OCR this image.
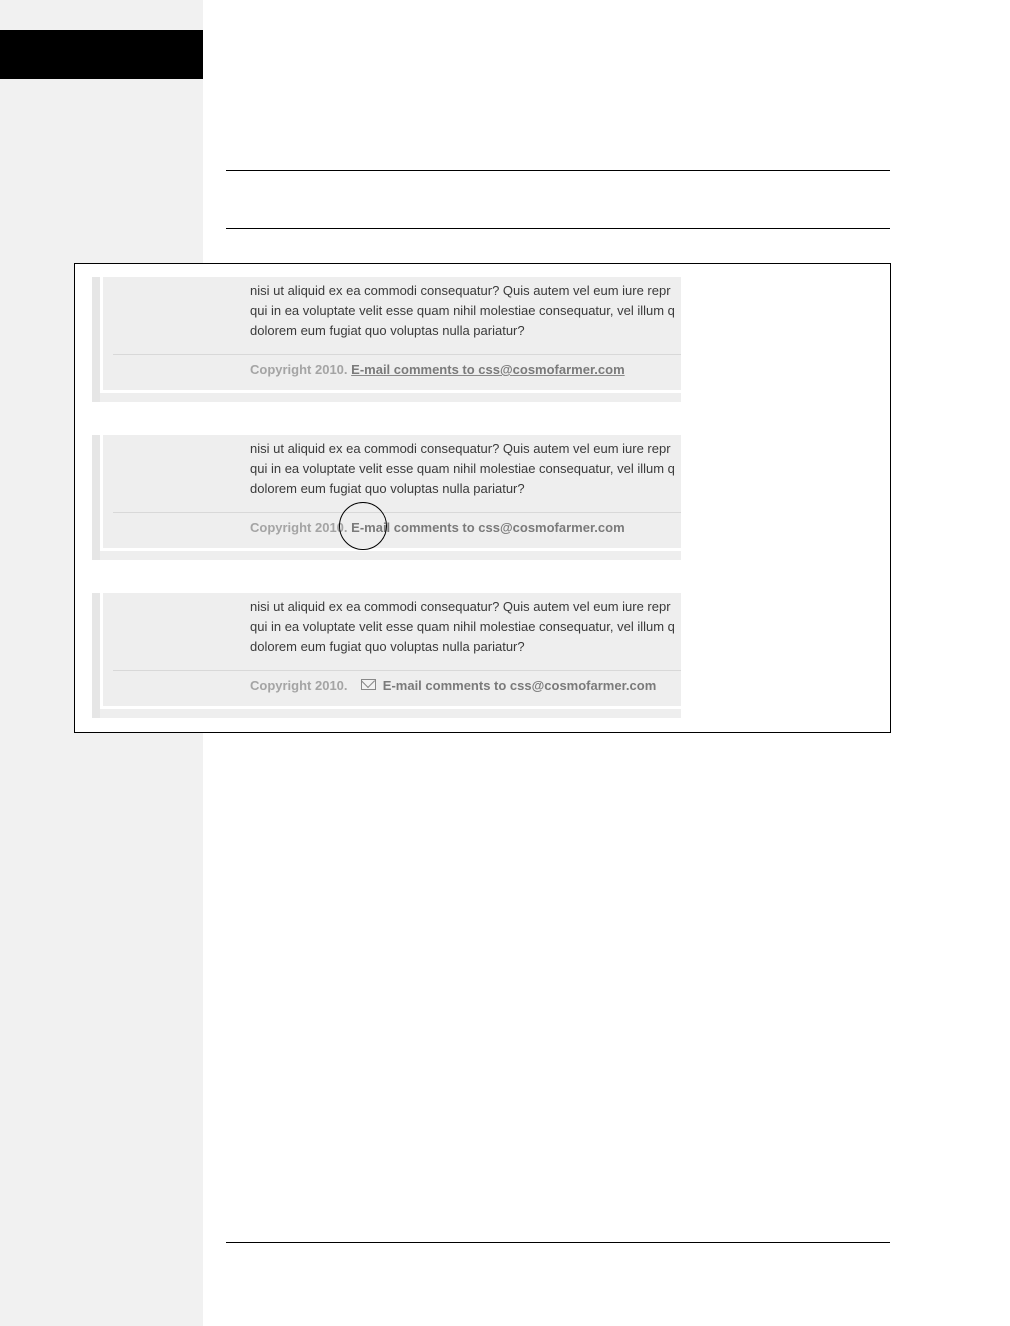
nisi ut aliquid ex ea commodi consequatur? Quis autem vel eum iure repr
qui in ea voluptate velit esse quam nihil molestiae consequatur, vel illum q
dolorem eum fugiat quo voluptas nulla pariatur?
Copyright 2010. E-mail comments to css@cosmofarmer.com
nisi ut aliquid ex ea commodi consequatur? Quis autem vel eum iure repr
qui in ea voluptate velit esse quam nihil molestiae consequatur, vel illum q
dolorem eum fugiat quo voluptas nulla pariatur?
Copyright 2010. E-mail comments to css@cosmofarmer.com
nisi ut aliquid ex ea commodi consequatur? Quis autem vel eum iure repr
qui in ea voluptate velit esse quam nihil molestiae consequatur, vel illum q
dolorem eum fugiat quo voluptas nulla pariatur?
Copyright 2010.	E-mail comments to css@cosmofarmer.com
